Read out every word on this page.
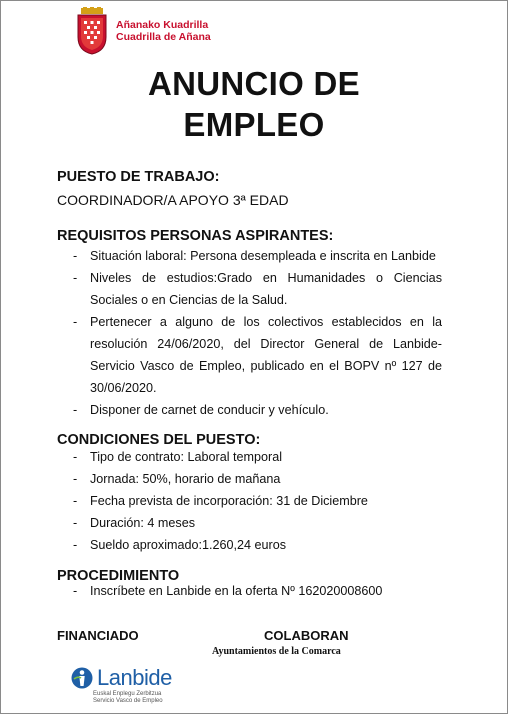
Añanako Kuadrilla
Cuadrilla de Añana
ANUNCIO DE
EMPLEO
PUESTO DE TRABAJO:
COORDINADOR/A APOYO 3ª EDAD
REQUISITOS PERSONAS ASPIRANTES:
- Situación laboral: Persona desempleada e inscrita en Lanbide
- Niveles de estudios:Grado en Humanidades o Ciencias Sociales o en Ciencias de la Salud.
- Pertenecer a alguno de los colectivos establecidos en la resolución 24/06/2020, del Director General de Lanbide-Servicio Vasco de Empleo, publicado en el BOPV nº 127 de 30/06/2020.
- Disponer de carnet de conducir y vehículo.
CONDICIONES DEL PUESTO:
- Tipo de contrato: Laboral temporal
- Jornada: 50%, horario de mañana
- Fecha prevista de incorporación: 31 de Diciembre
- Duración: 4 meses
- Sueldo aproximado:1.260,24 euros
PROCEDIMIENTO
- Inscríbete en Lanbide en la oferta Nº 162020008600
FINANCIADO	COLABORAN
Ayuntamientos de la Comarca
Lanbide
Euskal Enplegu Zerbitzua
Servicio Vasco de Empleo
